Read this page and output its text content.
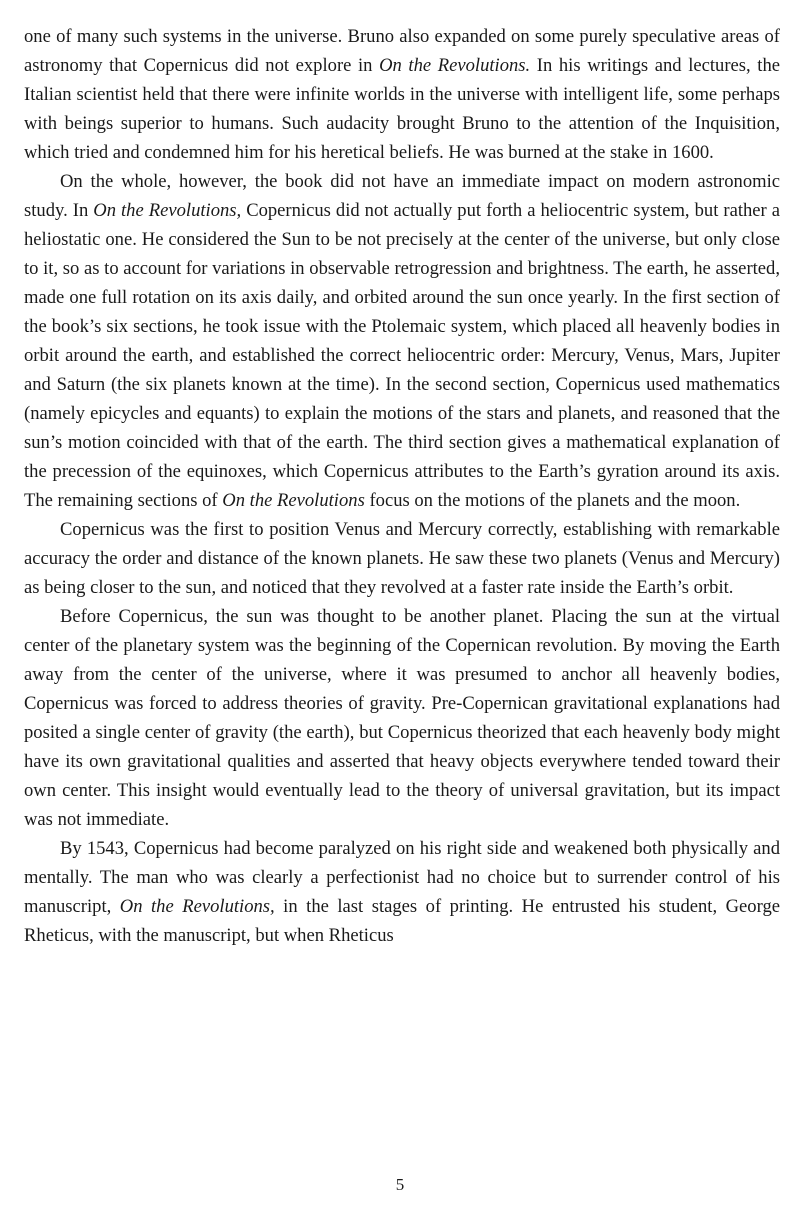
one of many such systems in the universe. Bruno also expanded on some purely speculative areas of astronomy that Copernicus did not explore in On the Revolutions. In his writings and lectures, the Italian scientist held that there were infinite worlds in the universe with intelligent life, some perhaps with beings superior to humans. Such audacity brought Bruno to the attention of the Inquisition, which tried and condemned him for his heretical beliefs. He was burned at the stake in 1600.

On the whole, however, the book did not have an immediate impact on modern astronomic study. In On the Revolutions, Copernicus did not actually put forth a heliocentric system, but rather a heliostatic one. He considered the Sun to be not precisely at the center of the universe, but only close to it, so as to account for variations in observable retrogression and brightness. The earth, he asserted, made one full rotation on its axis daily, and orbited around the sun once yearly. In the first section of the book’s six sections, he took issue with the Ptolemaic system, which placed all heavenly bodies in orbit around the earth, and established the correct heliocentric order: Mercury, Venus, Mars, Jupiter and Saturn (the six planets known at the time). In the second section, Copernicus used mathematics (namely epicycles and equants) to explain the motions of the stars and planets, and reasoned that the sun’s motion coincided with that of the earth. The third section gives a mathematical explanation of the precession of the equinoxes, which Copernicus attributes to the Earth’s gyration around its axis. The remaining sections of On the Revolutions focus on the motions of the planets and the moon.

Copernicus was the first to position Venus and Mercury correctly, establishing with remarkable accuracy the order and distance of the known planets. He saw these two planets (Venus and Mercury) as being closer to the sun, and noticed that they revolved at a faster rate inside the Earth’s orbit.

Before Copernicus, the sun was thought to be another planet. Placing the sun at the virtual center of the planetary system was the beginning of the Copernican revolution. By moving the Earth away from the center of the universe, where it was presumed to anchor all heavenly bodies, Copernicus was forced to address theories of gravity. Pre-Copernican gravitational explanations had posited a single center of gravity (the earth), but Copernicus theorized that each heavenly body might have its own gravitational qualities and asserted that heavy objects everywhere tended toward their own center. This insight would eventually lead to the theory of universal gravitation, but its impact was not immediate.

By 1543, Copernicus had become paralyzed on his right side and weakened both physically and mentally. The man who was clearly a perfectionist had no choice but to surrender control of his manuscript, On the Revolutions, in the last stages of printing. He entrusted his student, George Rheticus, with the manuscript, but when Rheticus

5
